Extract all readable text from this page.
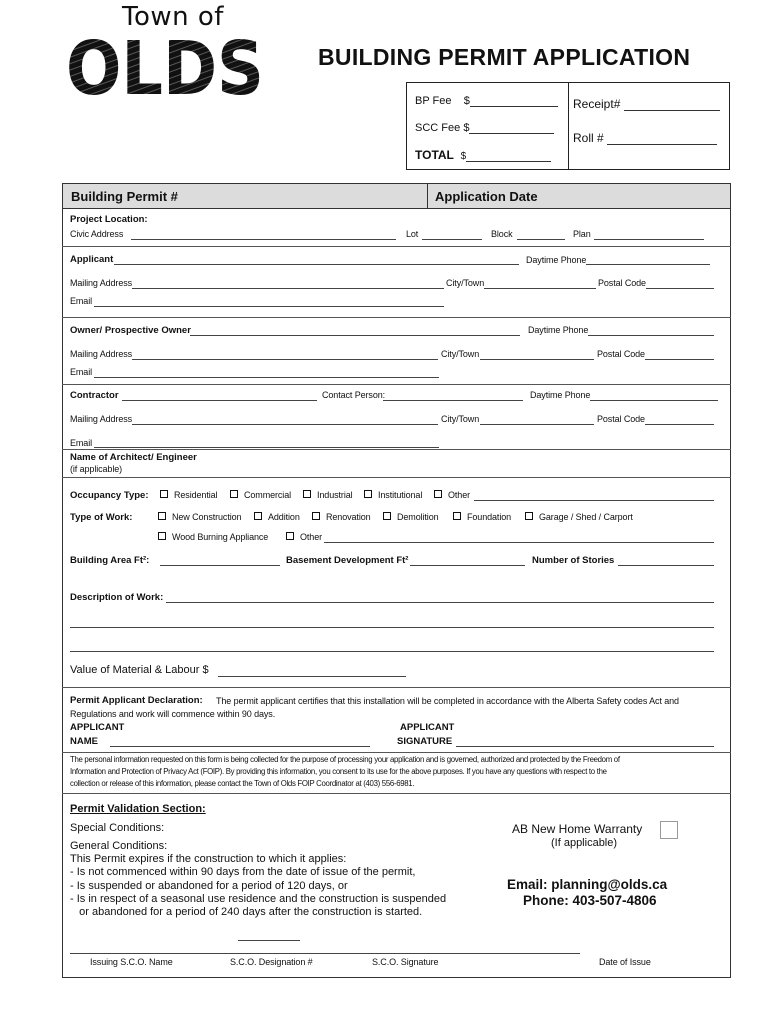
Town of
OLDS BUILDING PERMIT APPLICATION
BP Fee $
SCC Fee $
TOTAL $
Receipt#
Roll #
Building Permit #	Application Date
Project Location:
Civic Address	Lot	Block	Plan
Applicant	Daytime Phone
Mailing Address	City/Town	Postal Code
Email
Owner/ Prospective Owner	Daytime Phone
Mailing Address	City/Town	Postal Code
Email
Contractor	Contact Person:	Daytime Phone
Mailing Address	City/Town	Postal Code
Email
Name of Architect/ Engineer
(if applicable)
Occupancy Type:	Residential	Commercial	Industrial	Institutional	Other
Type of Work:	New Construction	Addition	Renovation	Demolition	Foundation	Garage / Shed / Carport
Wood Burning Appliance	Other
Building Area Ft²:	Basement Development Ft²	Number of Stories
Description of Work:
Value of Material & Labour $
Permit Applicant Declaration: The permit applicant certifies that this installation will be completed in accordance with the Alberta Safety codes Act and
Regulations and work will commence within 90 days.
APPLICANT
NAME
APPLICANT
SIGNATURE
The personal information requested on this form is being collected for the purpose of processing your application and is governed, authorized and protected by the Freedom of
Information and Protection of Privacy Act (FOIP). By providing this information, you consent to its use for the above purposes. If you have any questions with respect to the
collection or release of this information, please contact the Town of Olds FOIP Coordinator at (403) 556-6981.
Permit Validation Section:
Special Conditions:
General Conditions:
This Permit expires if the construction to which it applies:
- Is not commenced within 90 days from the date of issue of the permit,
- Is suspended or abandoned for a period of 120 days, or
- Is in respect of a seasonal use residence and the construction is suspended
or abandoned for a period of 240 days after the construction is started.
AB New Home Warranty
(If applicable)
Email: planning@olds.ca
Phone: 403-507-4806
Issuing S.C.O. Name	S.C.O. Designation #	S.C.O. Signature	Date of Issue
